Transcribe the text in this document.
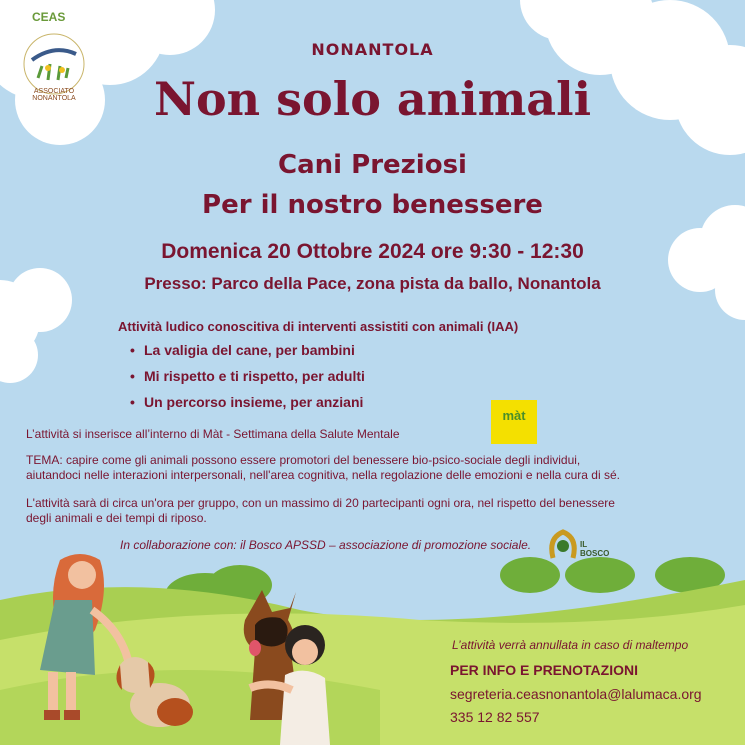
CEAS
ASSOCIATO NONANTOLA
NONANTOLA
Non solo animali
Cani Preziosi
Per il nostro benessere
Domenica 20 Ottobre 2024 ore 9:30 - 12:30
Presso: Parco della Pace, zona pista da ballo, Nonantola
Attività ludico conoscitiva di interventi assistiti con animali (IAA)
• La valigia del cane, per bambini
• Mi rispetto e ti rispetto, per adulti
• Un percorso insieme, per anziani
L’attività si inserisce all’interno di Màt - Settimana della Salute Mentale
màt
TEMA: capire come gli animali possono essere promotori del benessere bio-psico-sociale degli individui,
aiutandoci nelle interazioni interpersonali, nell'area cognitiva, nella regolazione delle emozioni e nella cura di sé.
L'attività sarà di circa un'ora per gruppo, con un massimo di 20 partecipanti ogni ora, nel rispetto del benessere
degli animali e dei tempi di riposo.
In collaborazione con: il Bosco APSSD – associazione di promozione sociale.	IL BOSCO
L’attività verrà annullata in caso di maltempo
PER INFO E PRENOTAZIONI
segreteria.ceasnonantola@lalumaca.org
335 12 82 557
